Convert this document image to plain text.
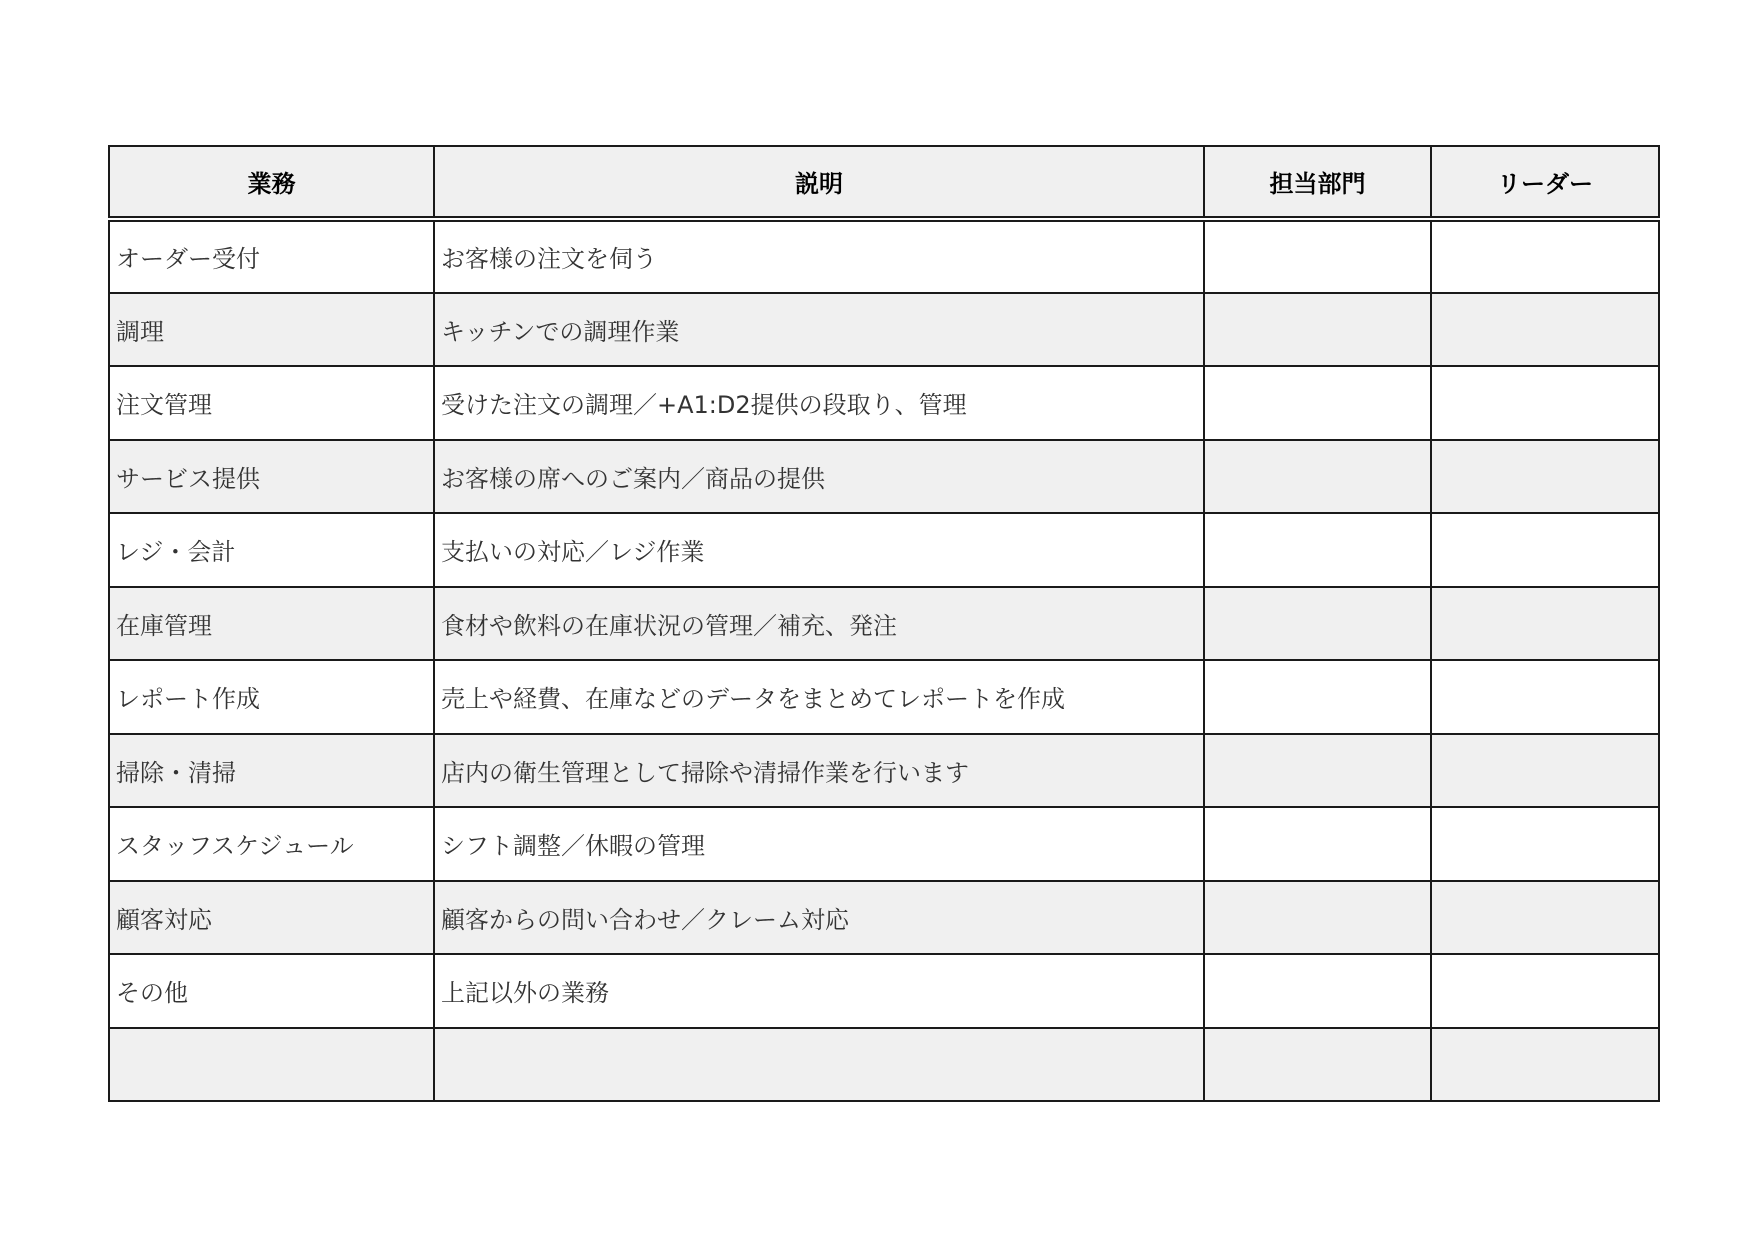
業務	説明	担当部門	リーダー
オーダー受付	お客様の注文を伺う		
調理	キッチンでの調理作業		
注文管理	受けた注文の調理／+A1:D2提供の段取り、管理		
サービス提供	お客様の席へのご案内／商品の提供		
レジ・会計	支払いの対応／レジ作業		
在庫管理	食材や飲料の在庫状況の管理／補充、発注		
レポート作成	売上や経費、在庫などのデータをまとめてレポートを作成		
掃除・清掃	店内の衛生管理として掃除や清掃作業を行います		
スタッフスケジュール	シフト調整／休暇の管理		
顧客対応	顧客からの問い合わせ／クレーム対応		
その他	上記以外の業務		
